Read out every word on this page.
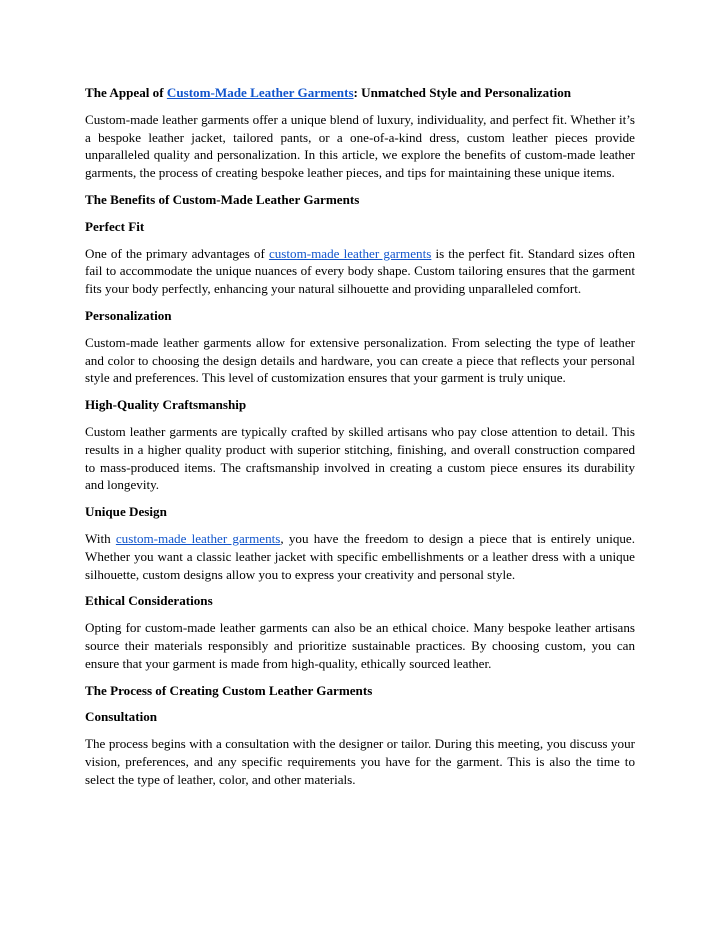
The Appeal of Custom-Made Leather Garments: Unmatched Style and Personalization

Custom-made leather garments offer a unique blend of luxury, individuality, and perfect fit. Whether it’s a bespoke leather jacket, tailored pants, or a one-of-a-kind dress, custom leather pieces provide unparalleled quality and personalization. In this article, we explore the benefits of custom-made leather garments, the process of creating bespoke leather pieces, and tips for maintaining these unique items.

The Benefits of Custom-Made Leather Garments
Perfect Fit

One of the primary advantages of custom-made leather garments is the perfect fit. Standard sizes often fail to accommodate the unique nuances of every body shape. Custom tailoring ensures that the garment fits your body perfectly, enhancing your natural silhouette and providing unparalleled comfort.

Personalization

Custom-made leather garments allow for extensive personalization. From selecting the type of leather and color to choosing the design details and hardware, you can create a piece that reflects your personal style and preferences. This level of customization ensures that your garment is truly unique.

High-Quality Craftsmanship

Custom leather garments are typically crafted by skilled artisans who pay close attention to detail. This results in a higher quality product with superior stitching, finishing, and overall construction compared to mass-produced items. The craftsmanship involved in creating a custom piece ensures its durability and longevity.

Unique Design

With custom-made leather garments, you have the freedom to design a piece that is entirely unique. Whether you want a classic leather jacket with specific embellishments or a leather dress with a unique silhouette, custom designs allow you to express your creativity and personal style.

Ethical Considerations

Opting for custom-made leather garments can also be an ethical choice. Many bespoke leather artisans source their materials responsibly and prioritize sustainable practices. By choosing custom, you can ensure that your garment is made from high-quality, ethically sourced leather.

The Process of Creating Custom Leather Garments
Consultation

The process begins with a consultation with the designer or tailor. During this meeting, you discuss your vision, preferences, and any specific requirements you have for the garment. This is also the time to select the type of leather, color, and other materials.
